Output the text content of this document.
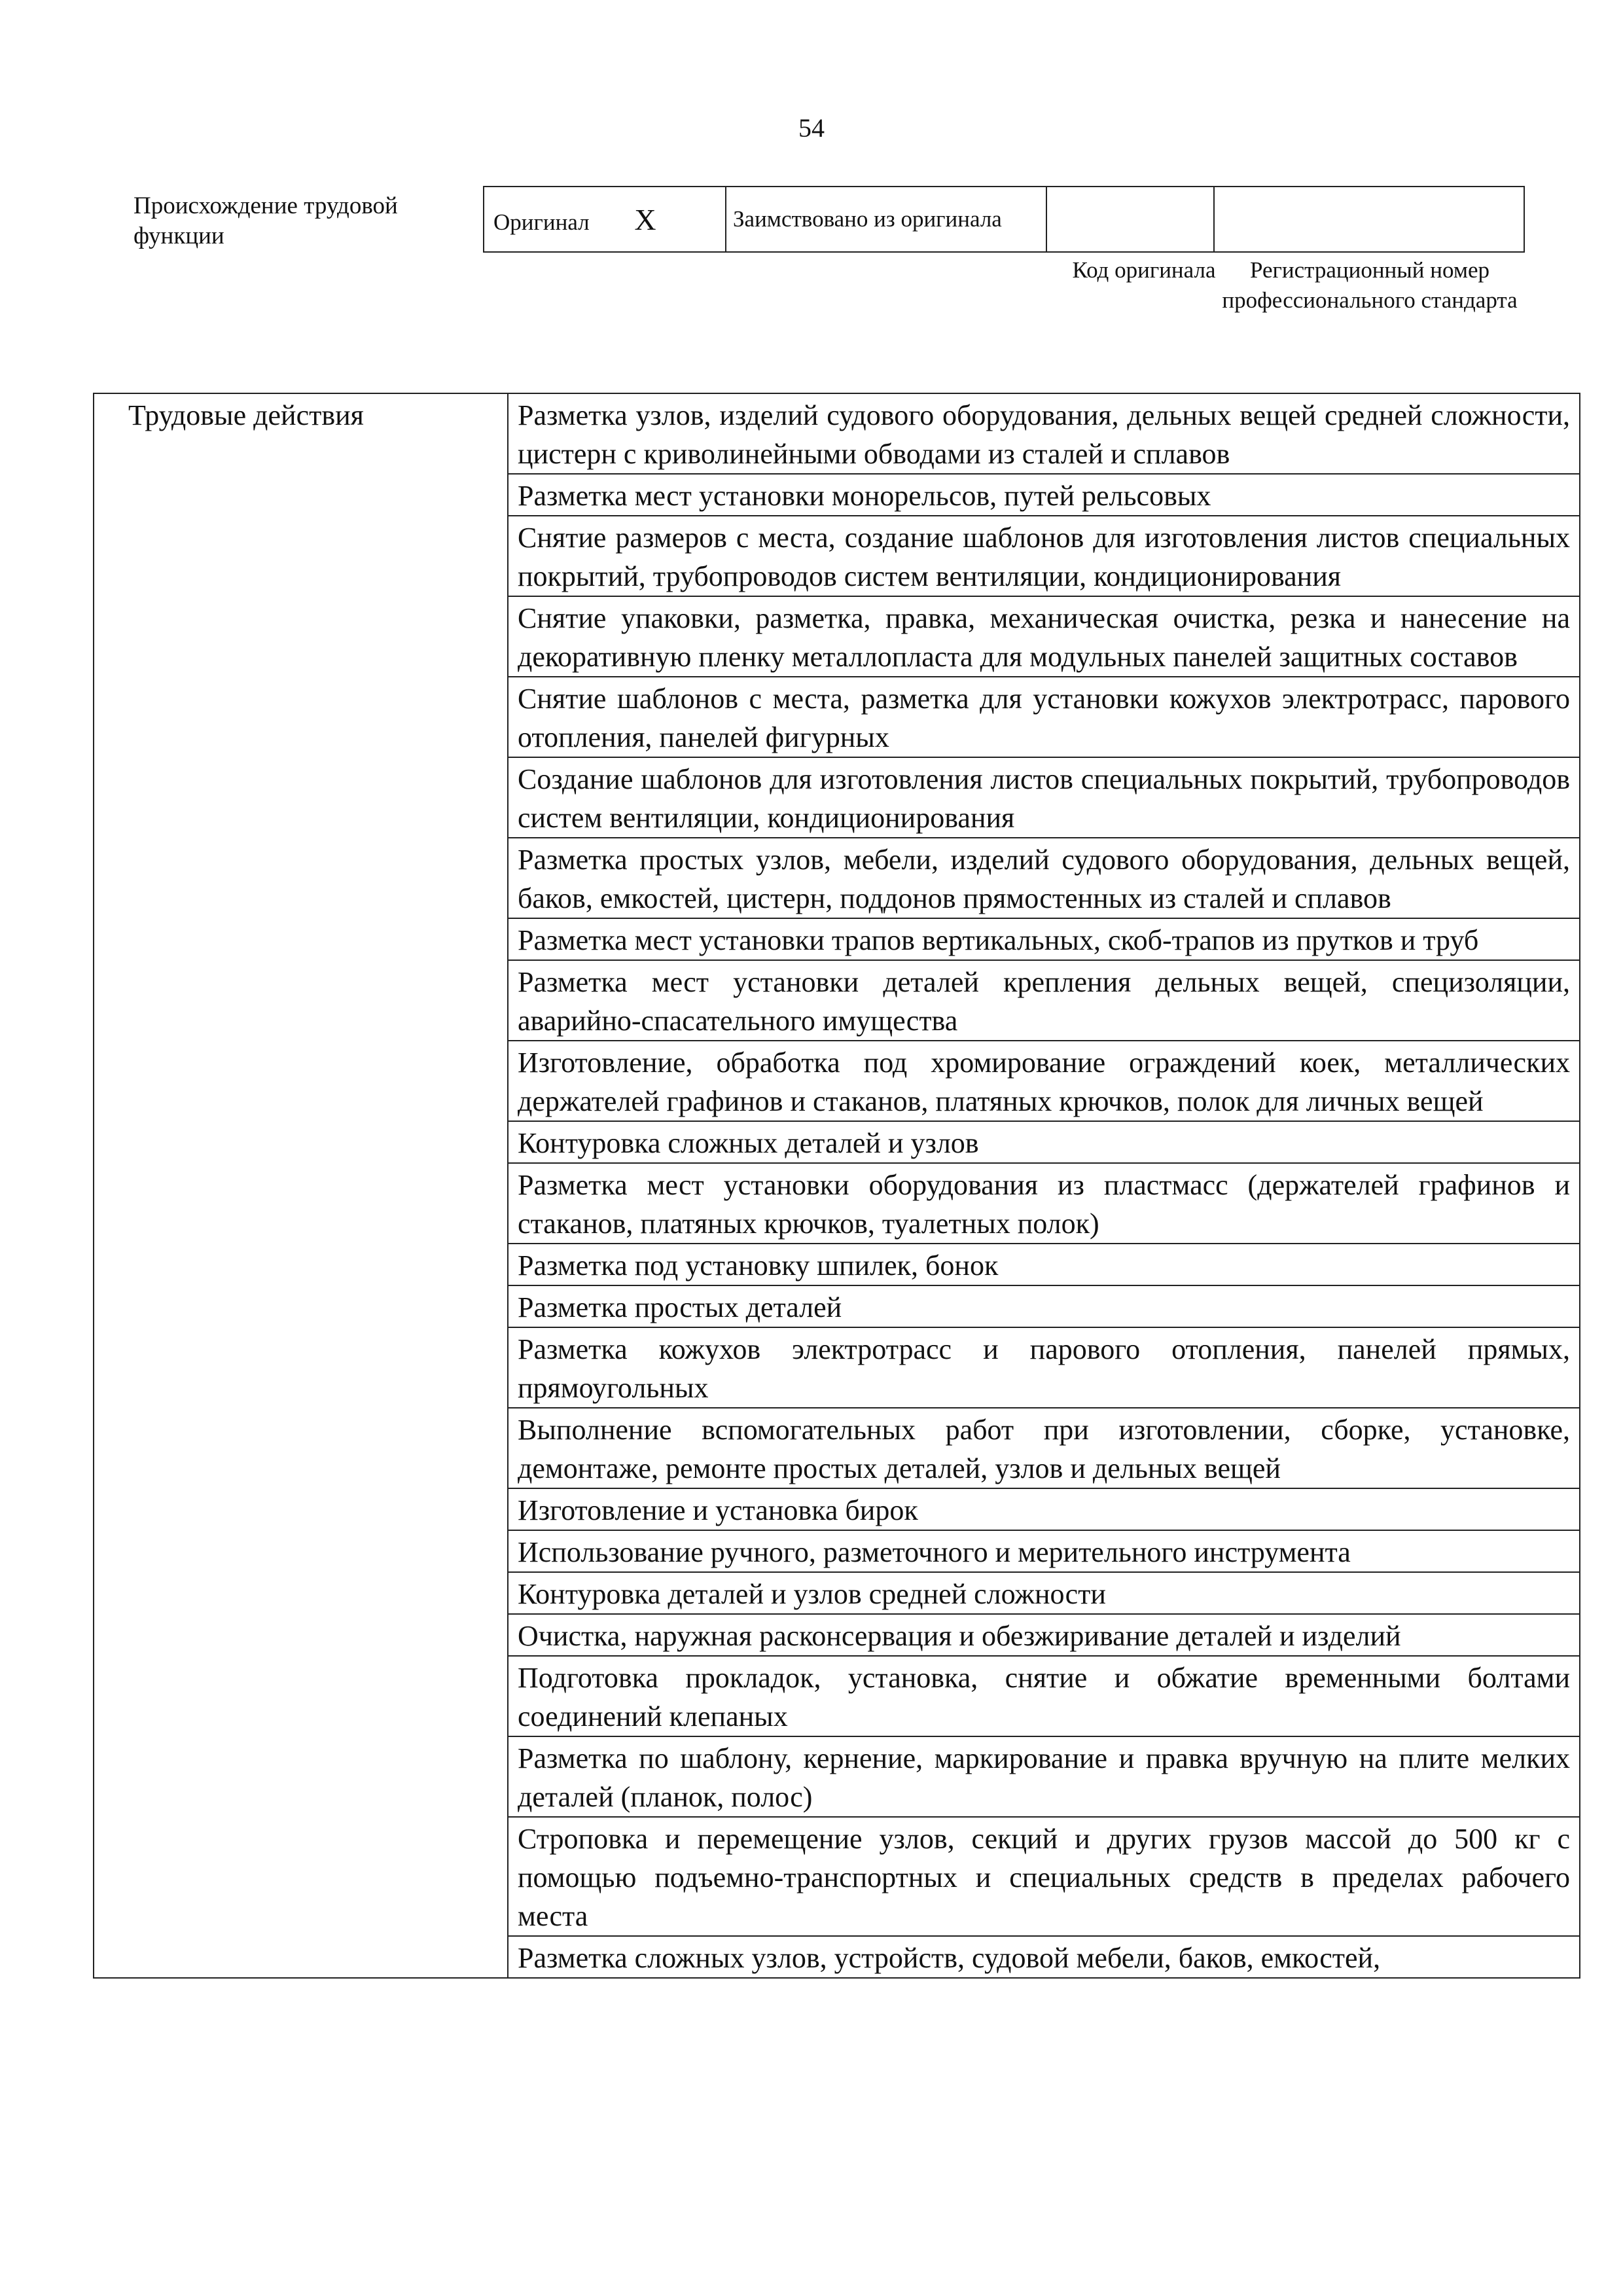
54
Происхождение трудовой функции
Оригинал X	Заимствовано из оригинала		
Код оригинала	Регистрационный номер профессионального стандарта
Трудовые действия	Разметка узлов, изделий судового оборудования, дельных вещей средней сложности, цистерн с криволинейными обводами из сталей и сплавов
Разметка мест установки монорельсов, путей рельсовых
Снятие размеров с места, создание шаблонов для изготовления листов специальных покрытий, трубопроводов систем вентиляции, кондиционирования
Снятие упаковки, разметка, правка, механическая очистка, резка и нанесение на декоративную пленку металлопласта для модульных панелей защитных составов
Снятие шаблонов с места, разметка для установки кожухов электротрасс, парового отопления, панелей фигурных
Создание шаблонов для изготовления листов специальных покрытий, трубопроводов систем вентиляции, кондиционирования
Разметка простых узлов, мебели, изделий судового оборудования, дельных вещей, баков, емкостей, цистерн, поддонов прямостенных из сталей и сплавов
Разметка мест установки трапов вертикальных, скоб-трапов из прутков и труб
Разметка мест установки деталей крепления дельных вещей, специзоляции, аварийно-спасательного имущества
Изготовление, обработка под хромирование ограждений коек, металлических держателей графинов и стаканов, платяных крючков, полок для личных вещей
Контуровка сложных деталей и узлов
Разметка мест установки оборудования из пластмасс (держателей графинов и стаканов, платяных крючков, туалетных полок)
Разметка под установку шпилек, бонок
Разметка простых деталей
Разметка кожухов электротрасс и парового отопления, панелей прямых, прямоугольных
Выполнение вспомогательных работ при изготовлении, сборке, установке, демонтаже, ремонте простых деталей, узлов и дельных вещей
Изготовление и установка бирок
Использование ручного, разметочного и мерительного инструмента
Контуровка деталей и узлов средней сложности
Очистка, наружная расконсервация и обезжиривание деталей и изделий
Подготовка прокладок, установка, снятие и обжатие временными болтами соединений клепаных
Разметка по шаблону, кернение, маркирование и правка вручную на плите мелких деталей (планок, полос)
Строповка и перемещение узлов, секций и других грузов массой до 500 кг с помощью подъемно-транспортных и специальных средств в пределах рабочего места
Разметка сложных узлов, устройств, судовой мебели, баков, емкостей,
